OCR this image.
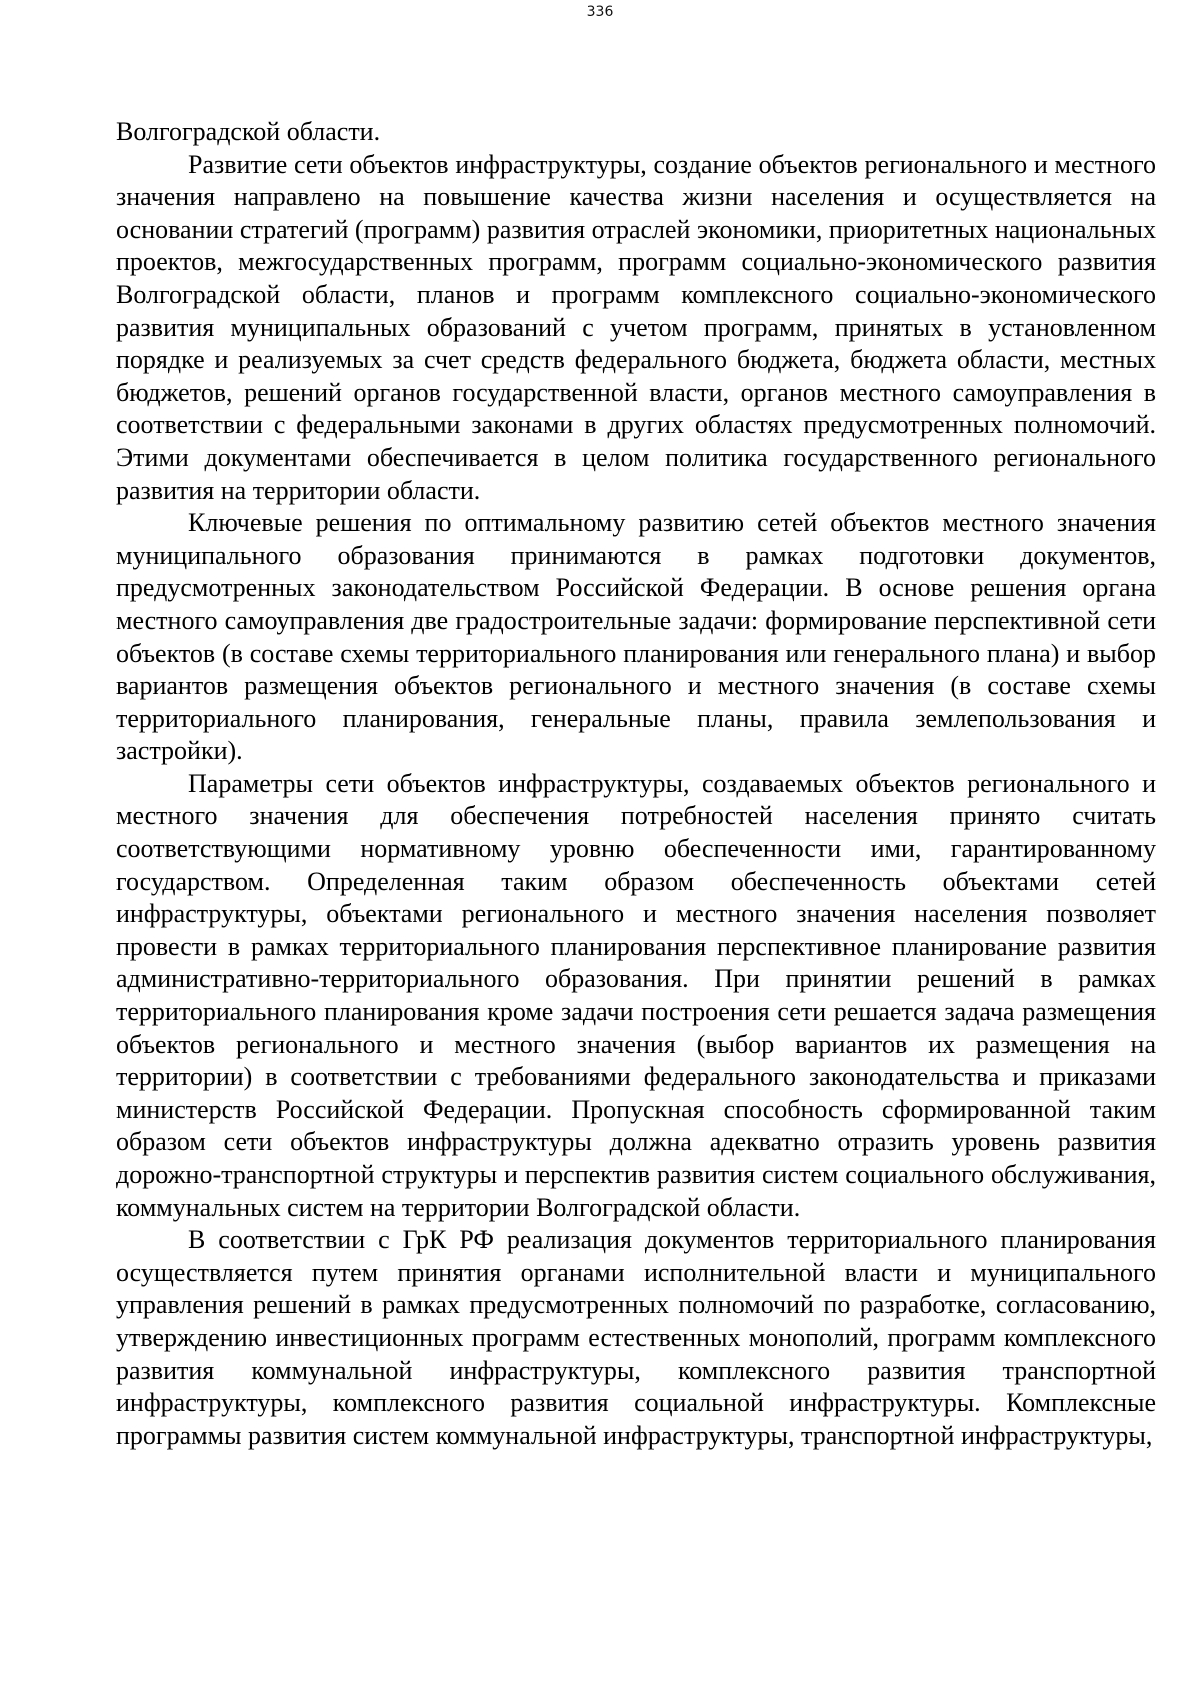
336

Волгоградской области.

Развитие сети объектов инфраструктуры, создание объектов регионального и местного значения направлено на повышение качества жизни населения и осуществляется на основании стратегий (программ) развития отраслей экономики, приоритетных национальных проектов, межгосударственных программ, программ социально-экономического развития Волгоградской области, планов и программ комплексного социально-экономического развития муниципальных образований с учетом программ, принятых в установленном порядке и реализуемых за счет средств федерального бюджета, бюджета области, местных бюджетов, решений органов государственной власти, органов местного самоуправления в соответствии с федеральными законами в других областях предусмотренных полномочий. Этими документами обеспечивается в целом политика государственного регионального развития на территории области.

Ключевые решения по оптимальному развитию сетей объектов местного значения муниципального образования принимаются в рамках подготовки документов, предусмотренных законодательством Российской Федерации. В основе решения органа местного самоуправления две градостроительные задачи: формирование перспективной сети объектов (в составе схемы территориального планирования или генерального плана) и выбор вариантов размещения объектов регионального и местного значения (в составе схемы территориального планирования, генеральные планы, правила землепользования и застройки).

Параметры сети объектов инфраструктуры, создаваемых объектов регионального и местного значения для обеспечения потребностей населения принято считать соответствующими нормативному уровню обеспеченности ими, гарантированному государством. Определенная таким образом обеспеченность объектами сетей инфраструктуры, объектами регионального и местного значения населения позволяет провести в рамках территориального планирования перспективное планирование развития административно-территориального образования. При принятии решений в рамках территориального планирования кроме задачи построения сети решается задача размещения объектов регионального и местного значения (выбор вариантов их размещения на территории) в соответствии с требованиями федерального законодательства и приказами министерств Российской Федерации. Пропускная способность сформированной таким образом сети объектов инфраструктуры должна адекватно отразить уровень развития дорожно-транспортной структуры и перспектив развития систем социального обслуживания, коммунальных систем на территории Волгоградской области.

В соответствии с ГрК РФ реализация документов территориального планирования осуществляется путем принятия органами исполнительной власти и муниципального управления решений в рамках предусмотренных полномочий по разработке, согласованию, утверждению инвестиционных программ естественных монополий, программ комплексного развития коммунальной инфраструктуры, комплексного развития транспортной инфраструктуры, комплексного развития социальной инфраструктуры. Комплексные программы развития систем коммунальной инфраструктуры, транспортной инфраструктуры,
